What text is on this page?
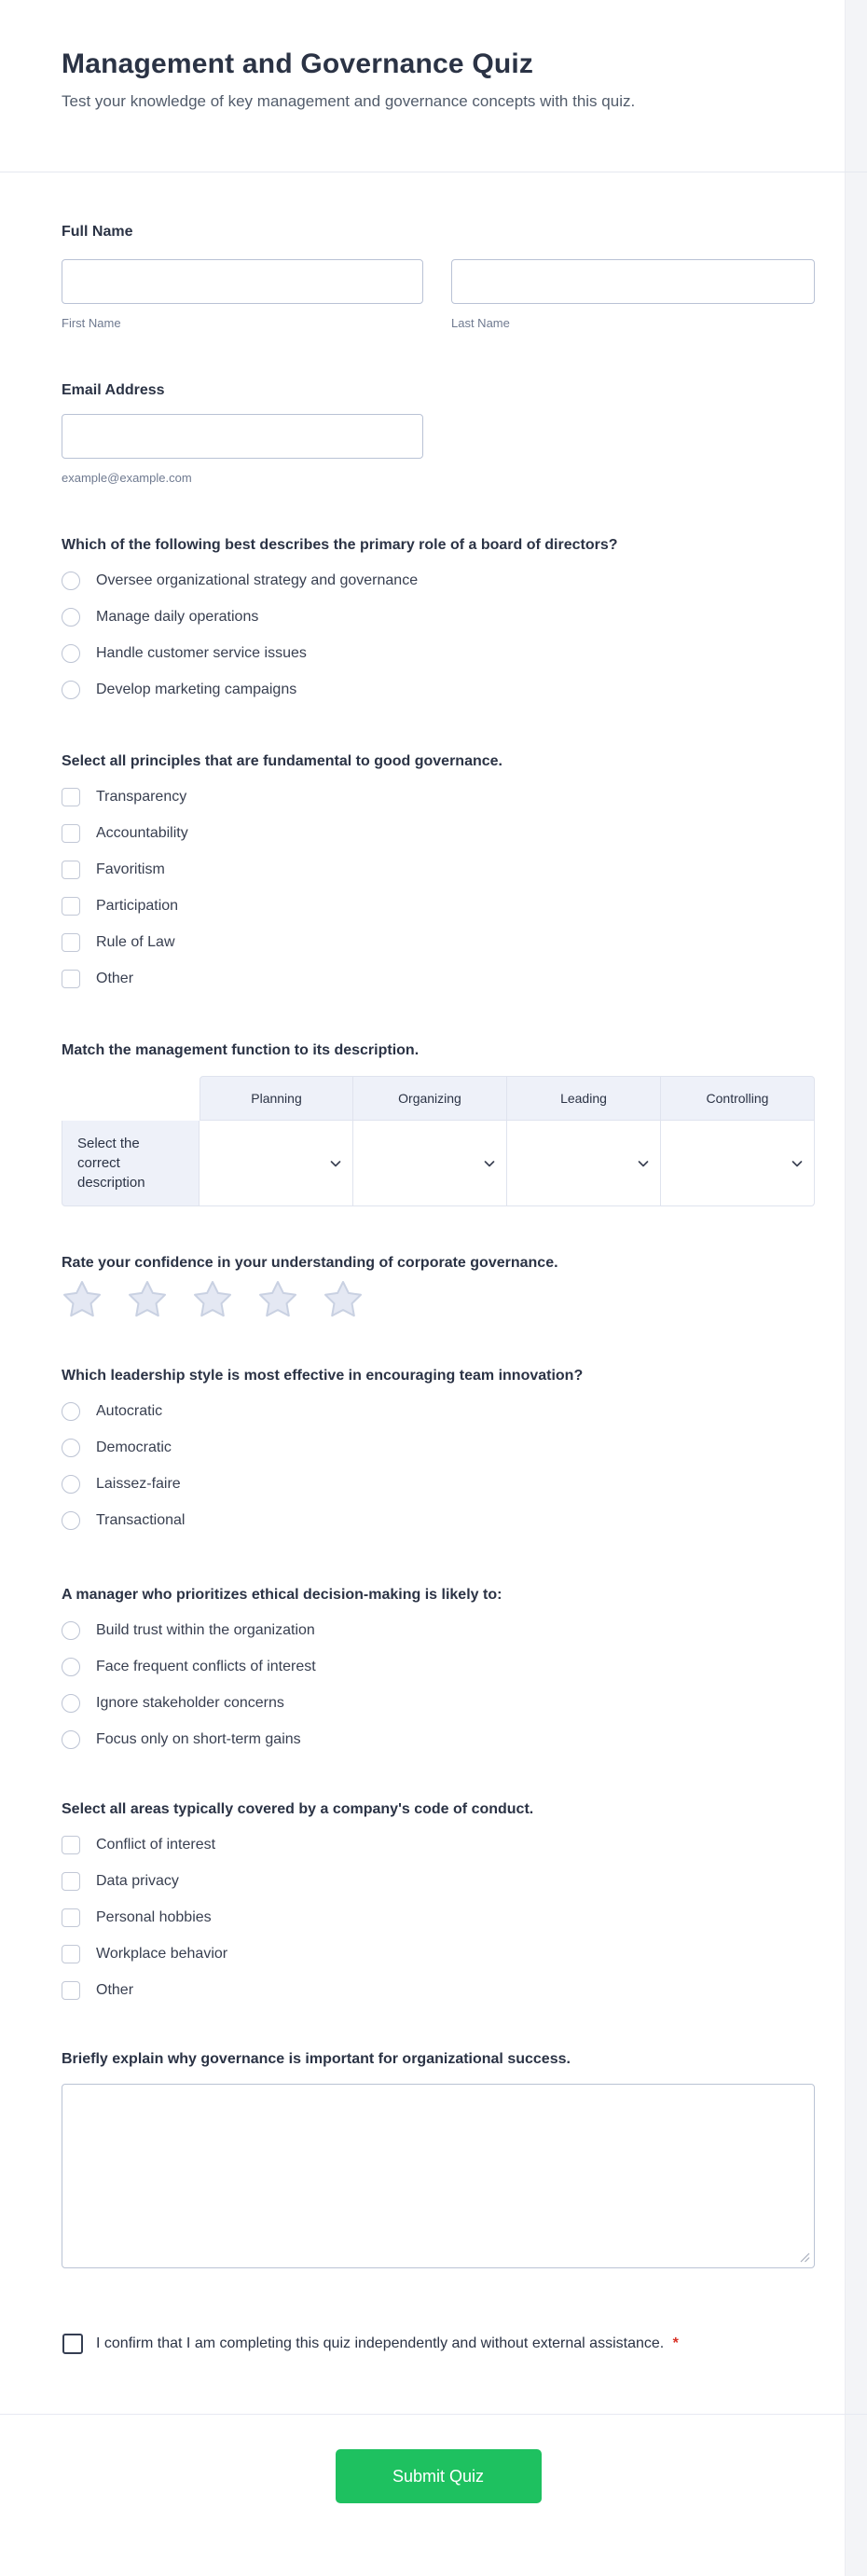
Management and Governance Quiz
Test your knowledge of key management and governance concepts with this quiz.
Full Name
First Name	Last Name
Email Address
example@example.com
Which of the following best describes the primary role of a board of directors?
Oversee organizational strategy and governance
Manage daily operations
Handle customer service issues
Develop marketing campaigns
Select all principles that are fundamental to good governance.
Transparency
Accountability
Favoritism
Participation
Rule of Law
Other
Match the management function to its description.
Planning	Organizing	Leading	Controlling
Select the correct description
Rate your confidence in your understanding of corporate governance.
Which leadership style is most effective in encouraging team innovation?
Autocratic
Democratic
Laissez-faire
Transactional
A manager who prioritizes ethical decision-making is likely to:
Build trust within the organization
Face frequent conflicts of interest
Ignore stakeholder concerns
Focus only on short-term gains
Select all areas typically covered by a company's code of conduct.
Conflict of interest
Data privacy
Personal hobbies
Workplace behavior
Other
Briefly explain why governance is important for organizational success.
I confirm that I am completing this quiz independently and without external assistance. *
Submit Quiz
